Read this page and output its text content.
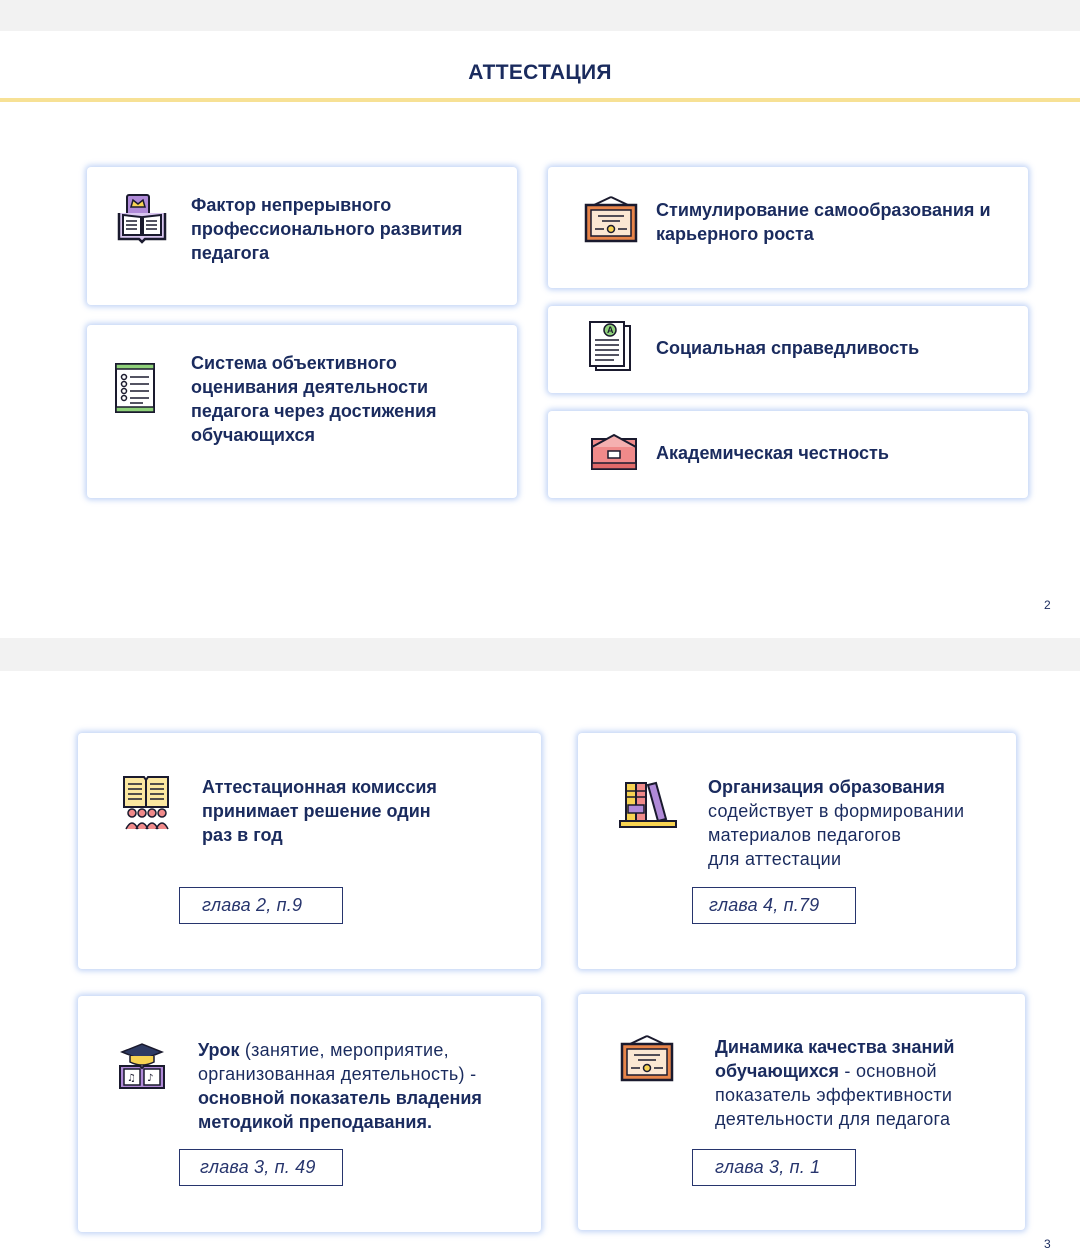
АТТЕСТАЦИЯ
Фактор непрерывного
профессионального развития
педагога
Стимулирование самообразования и
карьерного роста
Система объективного
оценивания деятельности
педагога через достижения
обучающихся
A
Социальная справедливость
Академическая честность
2
Аттестационная комиссия
принимает решение один
раз в год
глава 2, п.9
Организация образования
содействует в формировании
материалов педагогов
для аттестации
глава 4, п.79
♫ ♪
Урок (занятие, мероприятие,
организованная деятельность) -
основной показатель владения
методикой преподавания.
глава 3, п. 49
Динамика качества знаний
обучающихся - основной
показатель эффективности
деятельности для педагога
глава 3, п. 1
3
